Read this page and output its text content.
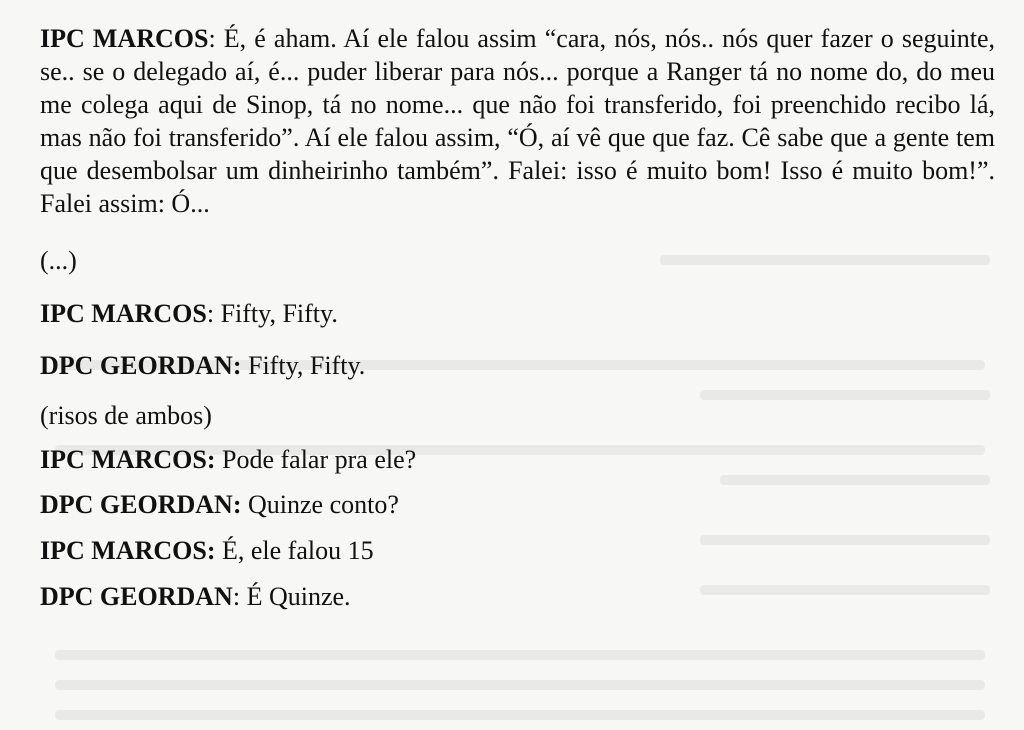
IPC MARCOS: É, é aham. Aí ele falou assim “cara, nós, nós.. nós quer fazer o seguinte, se.. se o delegado aí, é... puder liberar para nós... porque a Ranger tá no nome do, do meu me colega aqui de Sinop, tá no nome... que não foi transferido, foi preenchido recibo lá, mas não foi transferido”. Aí ele falou assim, “Ó, aí vê que que faz. Cê sabe que a gente tem que desembolsar um dinheirinho também”. Falei: isso é muito bom! Isso é muito bom!”. Falei assim: Ó...

(...)

IPC MARCOS: Fifty, Fifty.

DPC GEORDAN: Fifty, Fifty.

(risos de ambos)

IPC MARCOS: Pode falar pra ele?

DPC GEORDAN: Quinze conto?

IPC MARCOS: É, ele falou 15

DPC GEORDAN: É Quinze.
